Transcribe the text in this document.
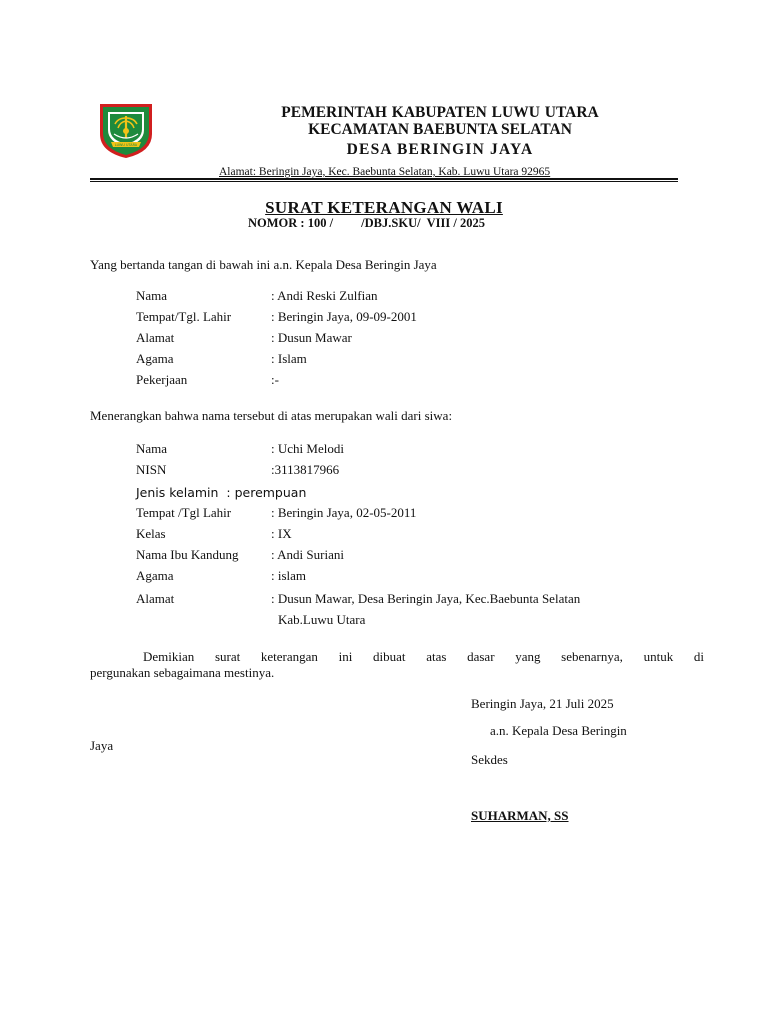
LUWU UTARA
PEMERINTAH KABUPATEN LUWU UTARA
KECAMATAN BAEBUNTA SELATAN
DESA BERINGIN JAYA
Alamat: Beringin Jaya, Kec. Baebunta Selatan, Kab. Luwu Utara 92965
SURAT KETERANGAN WALI
NOMOR : 100 /         /DBJ.SKU/  VIII / 2025
Yang bertanda tangan di bawah ini a.n. Kepala Desa Beringin Jaya
Nama	: Andi Reski Zulfian
Tempat/Tgl. Lahir	: Beringin Jaya, 09-09-2001
Alamat	: Dusun Mawar
Agama	: Islam
Pekerjaan	:-
Menerangkan bahwa nama tersebut di atas merupakan wali dari siwa:
Nama	: Uchi Melodi
NISN	:3113817966
Jenis kelamin  : perempuan
Tempat /Tgl Lahir	: Beringin Jaya, 02-05-2011
Kelas	: IX
Nama Ibu Kandung : Andi Suriani
Agama	: islam
Alamat	: Dusun Mawar, Desa Beringin Jaya, Kec.Baebunta Selatan
Kab.Luwu Utara
Demikian surat keterangan ini dibuat atas dasar yang sebenarnya, untuk di
pergunakan sebagaimana mestinya.
Beringin Jaya, 21 Juli 2025
a.n. Kepala Desa Beringin
Jaya
Sekdes
SUHARMAN, SS
